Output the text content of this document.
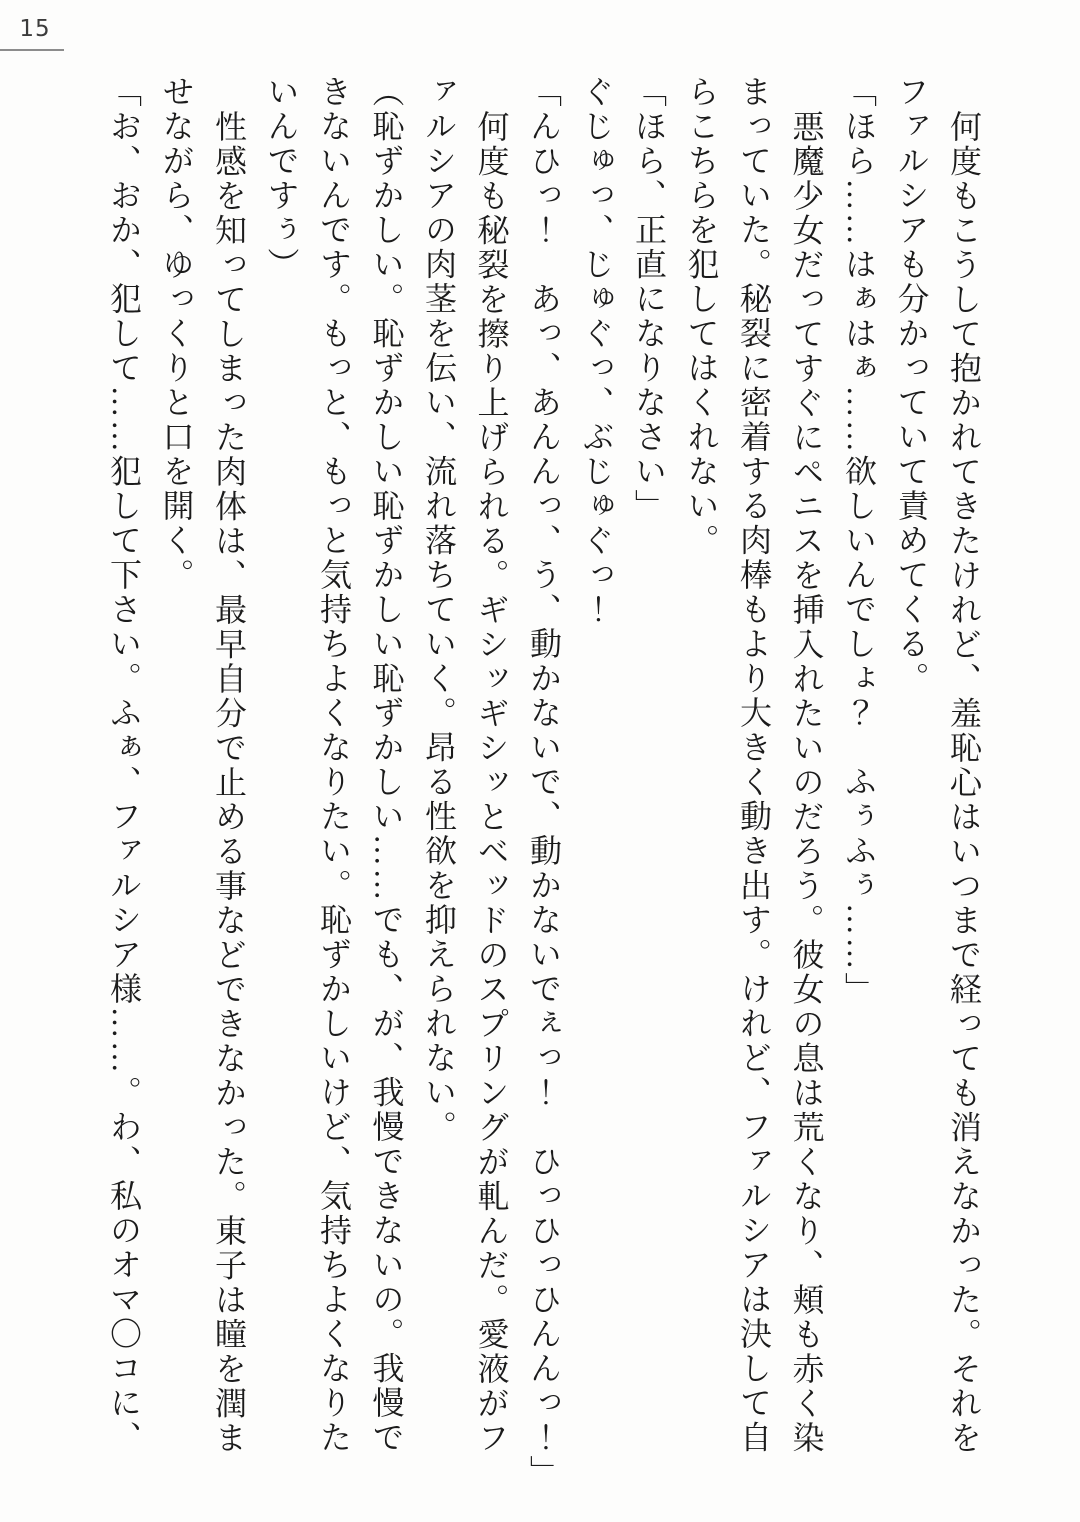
15

何度もこうして抱かれてきたけれど、羞恥心はいつまで経っても消えなかった。それを

ファルシアも分かっていて責めてくる。

「ほら……はぁはぁ……欲しいんでしょ？　ふぅふぅ……」

悪魔少女だってすぐにペニスを挿入れたいのだろう。彼女の息は荒くなり、頬も赤く染

まっていた。秘裂に密着する肉棒もより大きく動き出す。けれど、ファルシアは決して自

らこちらを犯してはくれない。

「ほら、正直になりなさい」

ぐじゅっ、じゅぐっ、ぶじゅぐっ！

「んひっ！　あっ、あんんっ、う、動かないで、動かないでぇっ！　ひっひっひんんっ！」

何度も秘裂を擦り上げられる。ギシッギシッとベッドのスプリングが軋んだ。愛液がフ

ァルシアの肉茎を伝い、流れ落ちていく。昂る性欲を抑えられない。

（恥ずかしい。恥ずかしい恥ずかしい恥ずかしい……でも、が、我慢できないの。我慢で

きないんです。もっと、もっと気持ちよくなりたい。恥ずかしいけど、気持ちよくなりた

いんですぅ）

性感を知ってしまった肉体は、最早自分で止める事などできなかった。東子は瞳を潤ま

せながら、ゆっくりと口を開く。

「お、おか、犯して……犯して下さい。ふぁ、ファルシア様……。わ、私のオマ〇コに、
